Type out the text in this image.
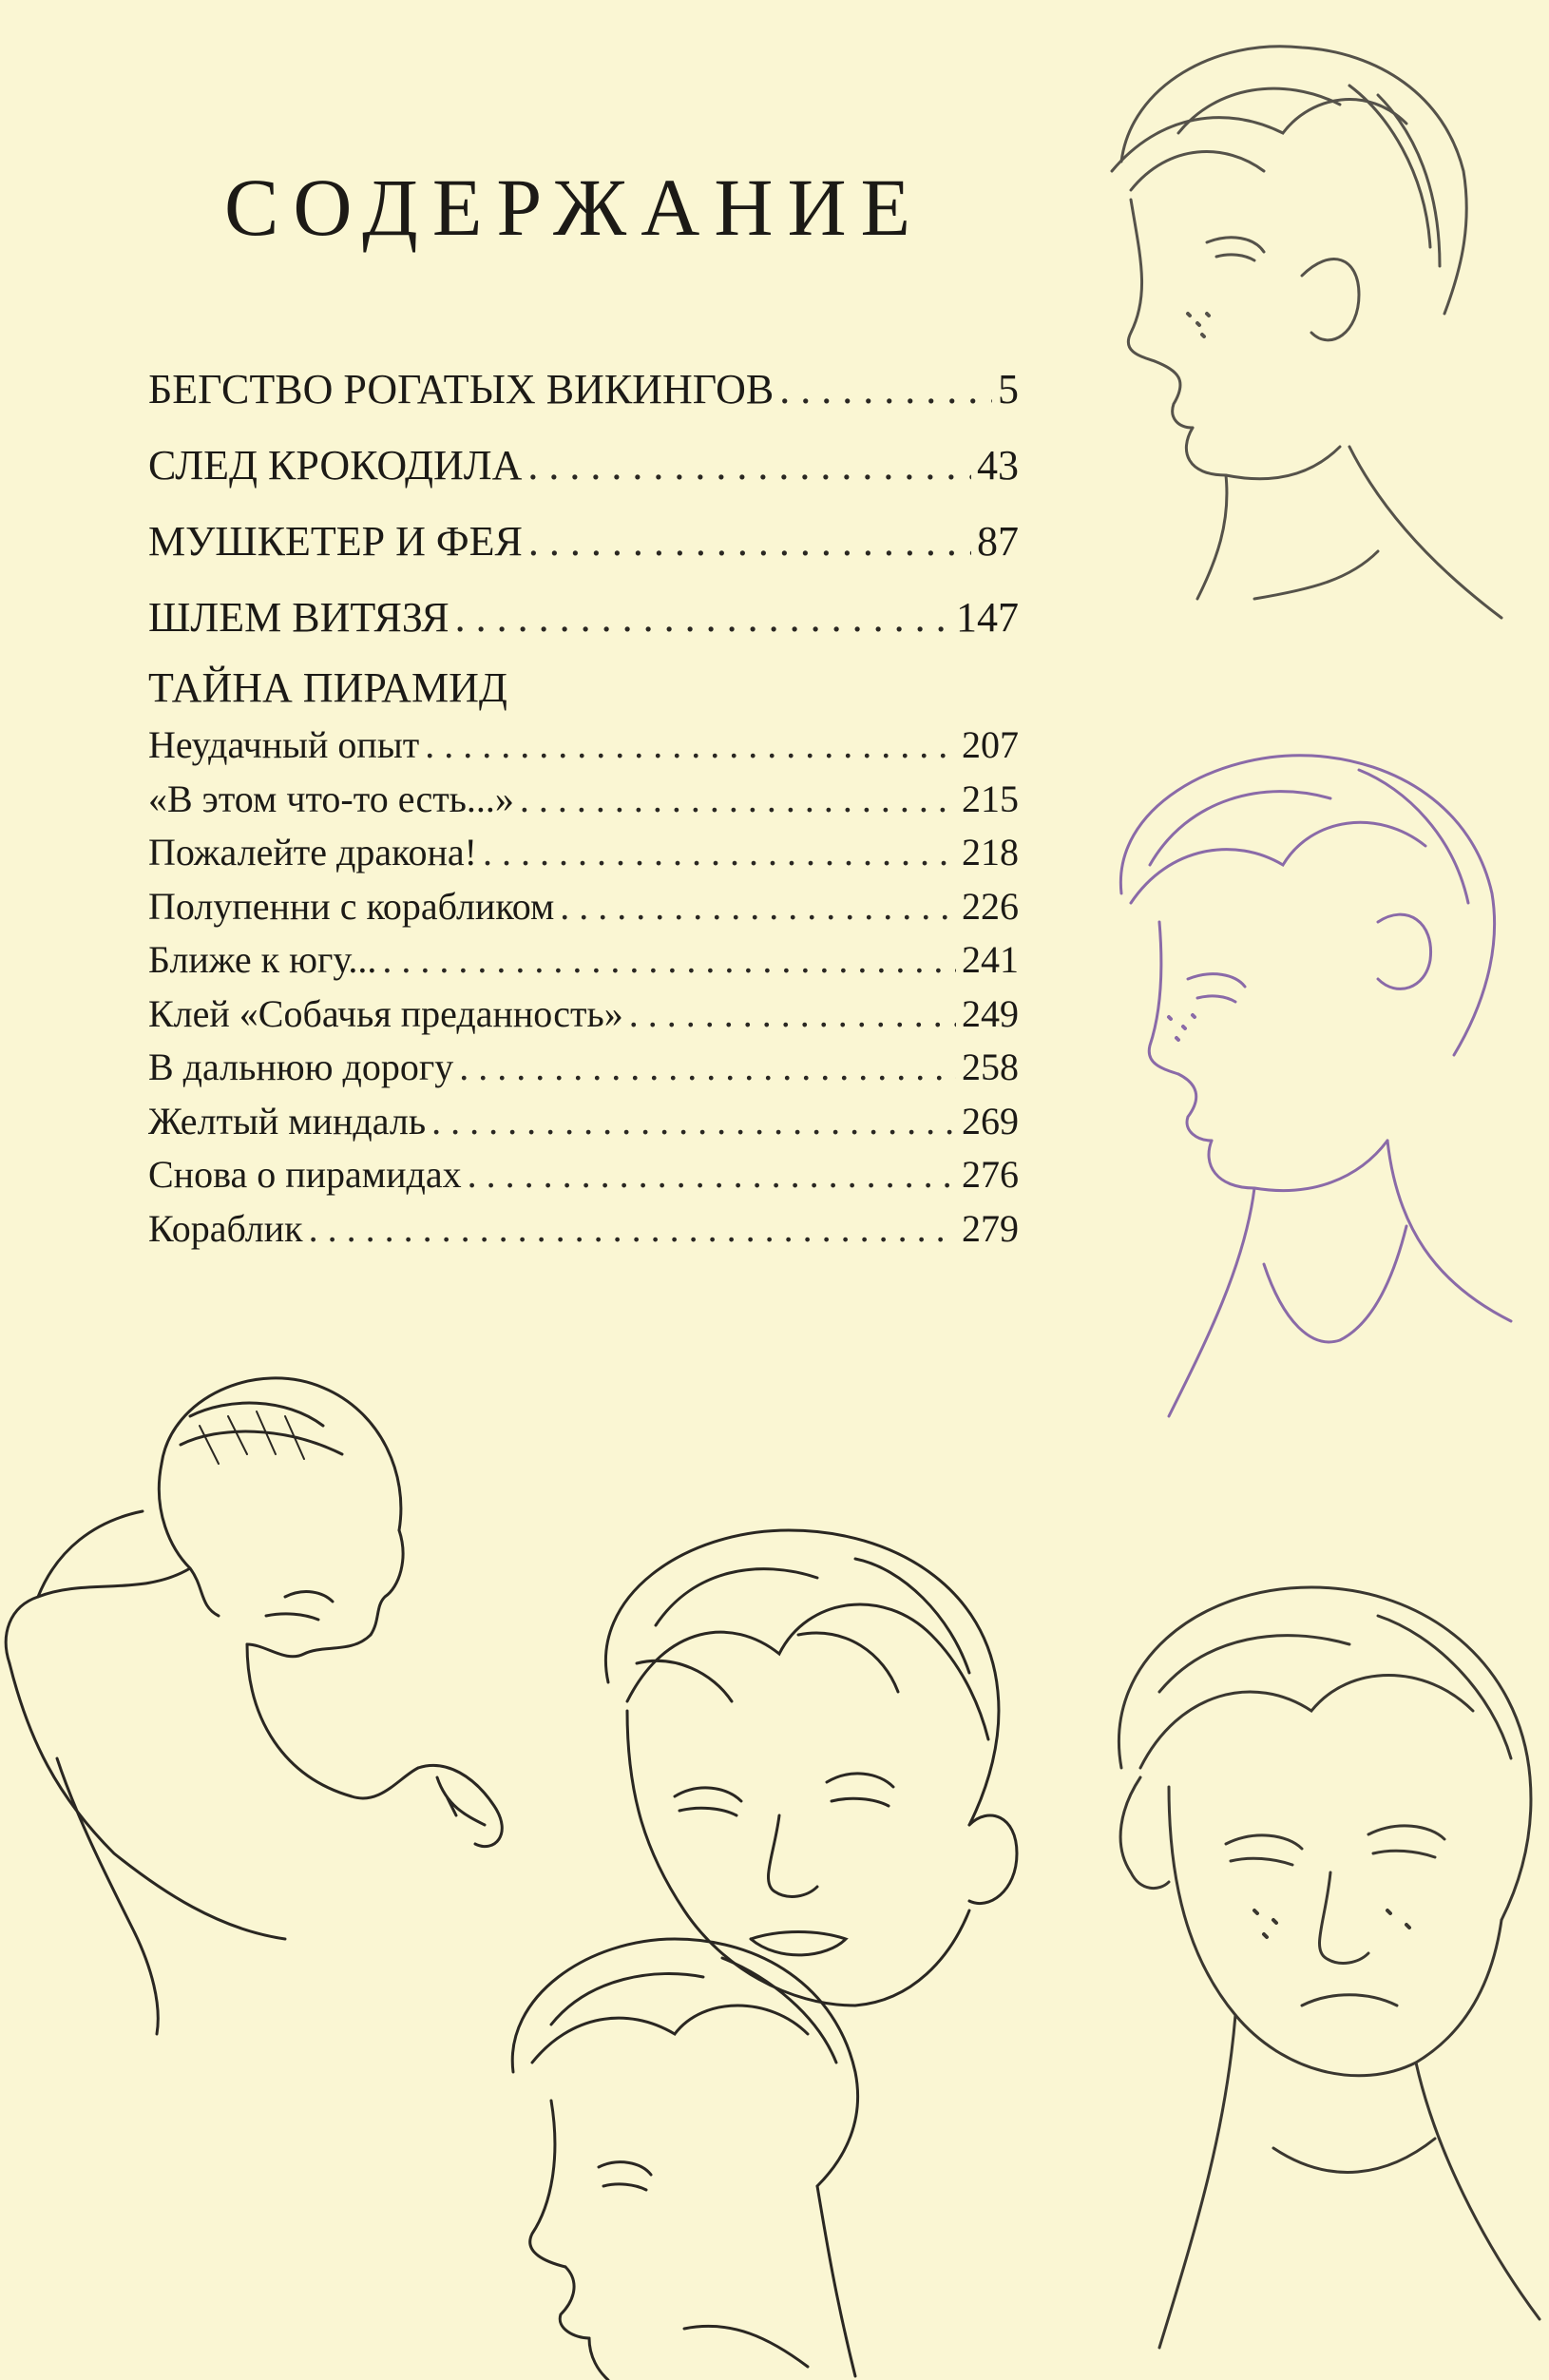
СОДЕРЖАНИЕ
БЕГСТВО РОГАТЫХ ВИКИНГОВ . . .	5
СЛЕД КРОКОДИЛА . . .	43
МУШКЕТЕР И ФЕЯ . . .	87
ШЛЕМ ВИТЯЗЯ . . .	147
ТАЙНА ПИРАМИД
Неудачный опыт . . .	207
«В этом что-то есть...» . . .	215
Пожалейте дракона! . . .	218
Полупенни с корабликом . . .	226
Ближе к югу... . . .	241
Клей «Собачья преданность» . . .	249
В дальнюю дорогу . . .	258
Желтый миндаль . . .	269
Снова о пирамидах . . .	276
Кораблик . . .	279
